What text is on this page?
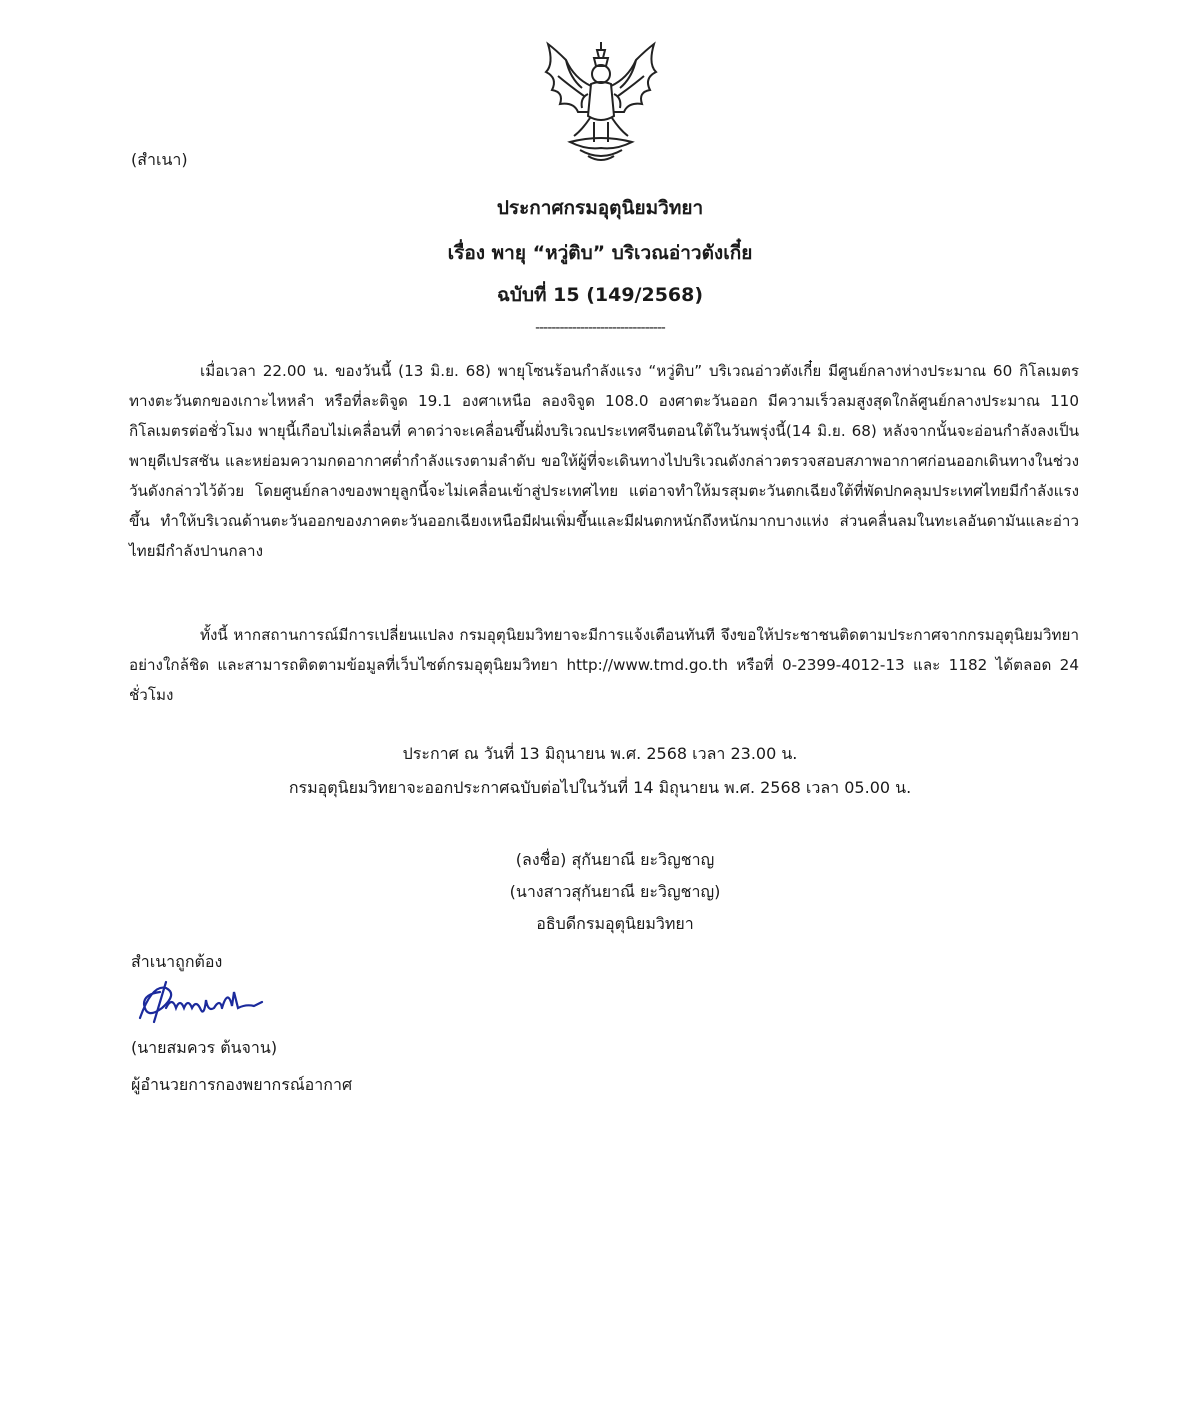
(สำเนา)
ประกาศกรมอุตุนิยมวิทยา
เรื่อง พายุ “หวู่ติบ” บริเวณอ่าวตังเกี๋ย
ฉบับที่ 15 (149/2568)
--------------------------------

เมื่อเวลา 22.00 น. ของวันนี้ (13 มิ.ย. 68) พายุโซนร้อนกำลังแรง “หวู่ติบ” บริเวณอ่าวตังเกี๋ย มีศูนย์กลางห่างประมาณ 60 กิโลเมตร ทางตะวันตกของเกาะไหหลำ หรือที่ละติจูด 19.1 องศาเหนือ ลองจิจูด 108.0 องศาตะวันออก มีความเร็วลมสูงสุดใกล้ศูนย์กลางประมาณ 110 กิโลเมตรต่อชั่วโมง พายุนี้เกือบไม่เคลื่อนที่ คาดว่าจะเคลื่อนขึ้นฝั่งบริเวณประเทศจีนตอนใต้ในวันพรุ่งนี้(14 มิ.ย. 68) หลังจากนั้นจะอ่อนกำลังลงเป็นพายุดีเปรสชัน และหย่อมความกดอากาศต่ำกำลังแรงตามลำดับ ขอให้ผู้ที่จะเดินทางไปบริเวณดังกล่าวตรวจสอบสภาพอากาศก่อนออกเดินทางในช่วงวันดังกล่าวไว้ด้วย โดยศูนย์กลางของพายุลูกนี้จะไม่เคลื่อนเข้าสู่ประเทศไทย แต่อาจทำให้มรสุมตะวันตกเฉียงใต้ที่พัดปกคลุมประเทศไทยมีกำลังแรงขึ้น ทำให้บริเวณด้านตะวันออกของภาคตะวันออกเฉียงเหนือมีฝนเพิ่มขึ้นและมีฝนตกหนักถึงหนักมากบางแห่ง ส่วนคลื่นลมในทะเลอันดามันและอ่าวไทยมีกำลังปานกลาง

ทั้งนี้ หากสถานการณ์มีการเปลี่ยนแปลง กรมอุตุนิยมวิทยาจะมีการแจ้งเตือนทันที จึงขอให้ประชาชนติดตามประกาศจากกรมอุตุนิยมวิทยาอย่างใกล้ชิด และสามารถติดตามข้อมูลที่เว็บไซต์กรมอุตุนิยมวิทยา http://www.tmd.go.th หรือที่ 0-2399-4012-13 และ 1182 ได้ตลอด 24 ชั่วโมง

ประกาศ ณ วันที่ 13 มิถุนายน พ.ศ. 2568 เวลา 23.00 น.
กรมอุตุนิยมวิทยาจะออกประกาศฉบับต่อไปในวันที่ 14 มิถุนายน พ.ศ. 2568 เวลา 05.00 น.
(ลงชื่อ) สุกันยาณี ยะวิญชาญ
(นางสาวสุกันยาณี ยะวิญชาญ)
อธิบดีกรมอุตุนิยมวิทยา
สำเนาถูกต้อง
(นายสมควร ต้นจาน)
ผู้อำนวยการกองพยากรณ์อากาศ
